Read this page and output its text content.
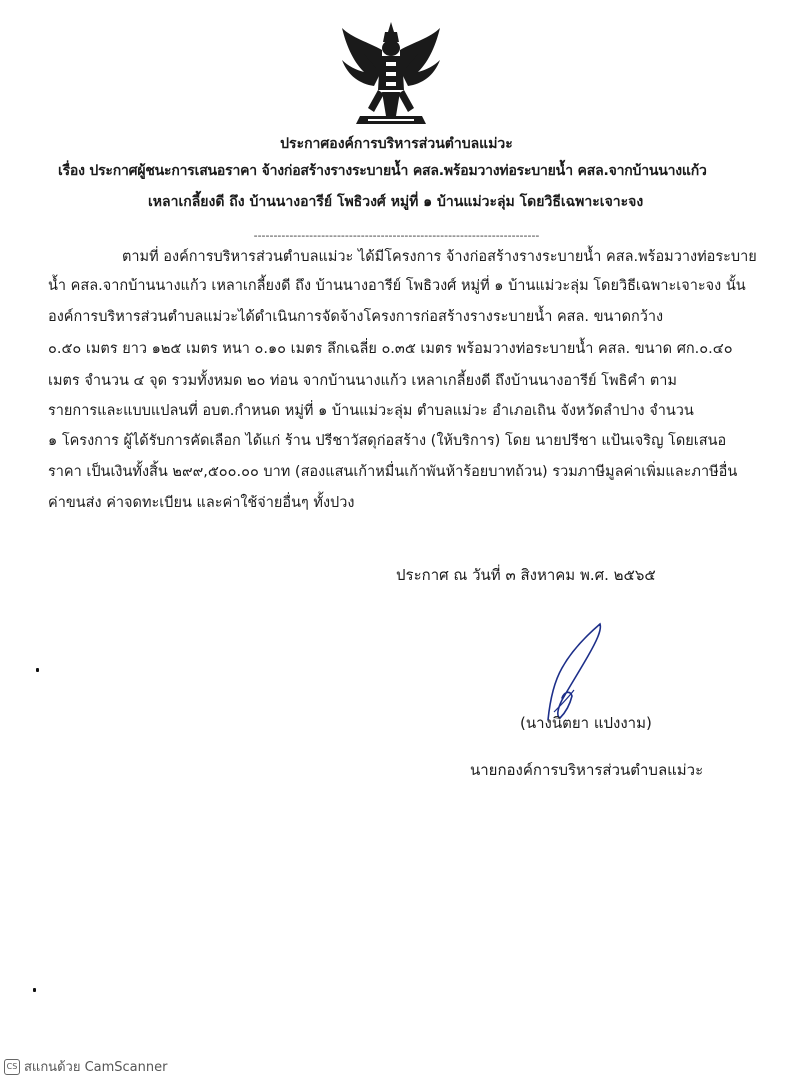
ประกาศองค์การบริหารส่วนตำบลแม่วะ
เรื่อง ประกาศผู้ชนะการเสนอราคา จ้างก่อสร้างรางระบายน้ำ คสล.พร้อมวางท่อระบายน้ำ คสล.จากบ้านนางแก้ว
เหลาเกลี้ยงดี ถึง บ้านนางอารีย์ โพธิวงศ์ หมู่ที่ ๑ บ้านแม่วะลุ่ม โดยวิธีเฉพาะเจาะจง
------------------------------------------------------------------------
ตามที่ องค์การบริหารส่วนตำบลแม่วะ ได้มีโครงการ จ้างก่อสร้างรางระบายน้ำ คสล.พร้อมวางท่อระบาย
น้ำ คสล.จากบ้านนางแก้ว เหลาเกลี้ยงดี ถึง บ้านนางอารีย์ โพธิวงศ์ หมู่ที่ ๑ บ้านแม่วะลุ่ม โดยวิธีเฉพาะเจาะจง นั้น
องค์การบริหารส่วนตำบลแม่วะได้ดำเนินการจัดจ้างโครงการก่อสร้างรางระบายน้ำ คสล. ขนาดกว้าง
๐.๕๐ เมตร ยาว ๑๒๕ เมตร หนา ๐.๑๐ เมตร ลึกเฉลี่ย ๐.๓๕ เมตร พร้อมวางท่อระบายน้ำ คสล. ขนาด ศก.๐.๔๐
เมตร จำนวน ๔ จุด รวมทั้งหมด ๒๐ ท่อน จากบ้านนางแก้ว เหลาเกลี้ยงดี ถึงบ้านนางอารีย์ โพธิคำ ตาม
รายการและแบบแปลนที่ อบต.กำหนด หมู่ที่ ๑ บ้านแม่วะลุ่ม ตำบลแม่วะ อำเภอเถิน จังหวัดลำปาง จำนวน
๑ โครงการ ผู้ได้รับการคัดเลือก ได้แก่ ร้าน ปรีชาวัสดุก่อสร้าง (ให้บริการ) โดย นายปรีชา แป้นเจริญ โดยเสนอ
ราคา เป็นเงินทั้งสิ้น ๒๙๙,๕๐๐.๐๐ บาท (สองแสนเก้าหมื่นเก้าพันห้าร้อยบาทถ้วน) รวมภาษีมูลค่าเพิ่มและภาษีอื่น
ค่าขนส่ง ค่าจดทะเบียน และค่าใช้จ่ายอื่นๆ ทั้งปวง
ประกาศ ณ วันที่ ๓ สิงหาคม พ.ศ. ๒๕๖๕
(นางนิตยา แปงงาม)
นายกองค์การบริหารส่วนตำบลแม่วะ
CS สแกนด้วย CamScanner
